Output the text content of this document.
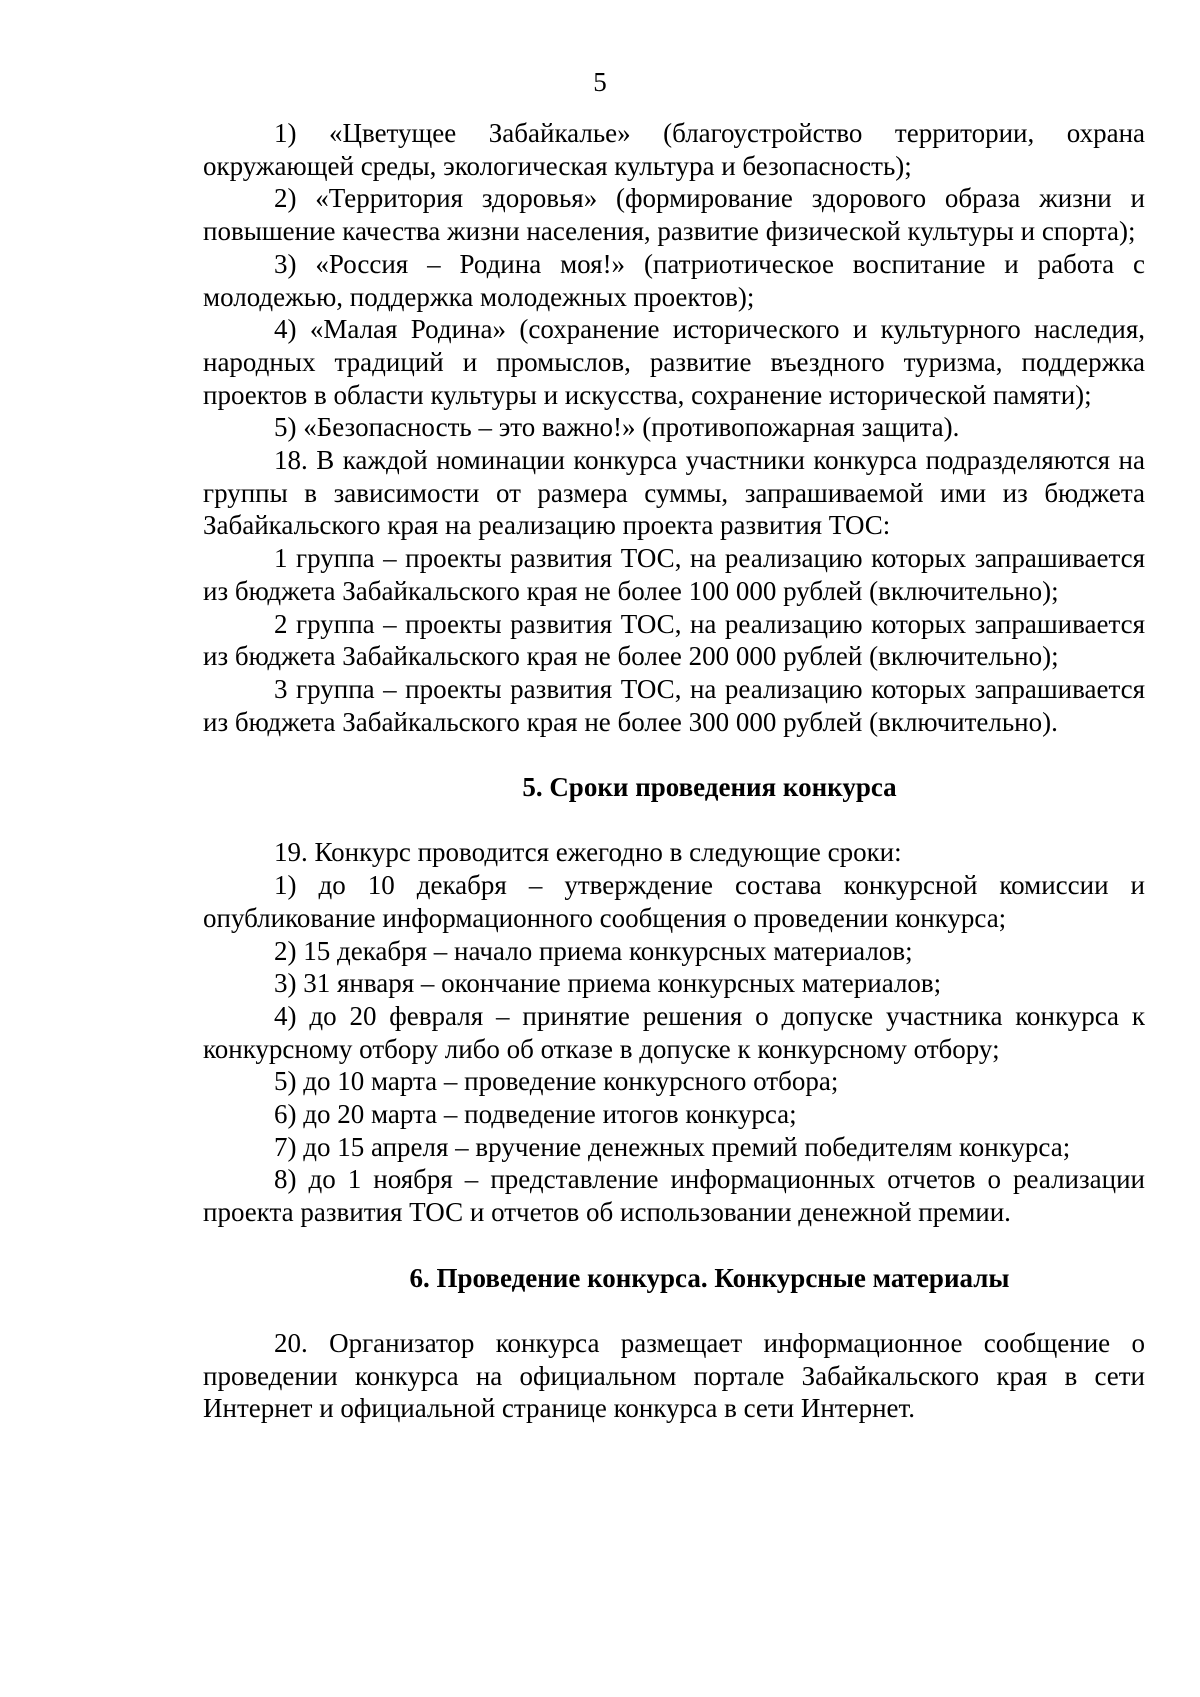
5

1) «Цветущее Забайкалье» (благоустройство территории, охрана окружающей среды, экологическая культура и безопасность);

2) «Территория здоровья» (формирование здорового образа жизни и повышение качества жизни населения, развитие физической культуры и спорта);

3) «Россия – Родина моя!» (патриотическое воспитание и работа с молодежью, поддержка молодежных проектов);

4) «Малая Родина» (сохранение исторического и культурного наследия, народных традиций и промыслов, развитие въездного туризма, поддержка проектов в области культуры и искусства, сохранение исторической памяти);

5) «Безопасность – это важно!» (противопожарная защита).

18. В каждой номинации конкурса участники конкурса подразделяются на группы в зависимости от размера суммы, запрашиваемой ими из бюджета Забайкальского края на реализацию проекта развития ТОС:

1 группа – проекты развития ТОС, на реализацию которых запрашивается из бюджета Забайкальского края не более 100 000 рублей (включительно);

2 группа – проекты развития ТОС, на реализацию которых запрашивается из бюджета Забайкальского края не более 200 000 рублей (включительно);

3 группа – проекты развития ТОС, на реализацию которых запрашивается из бюджета Забайкальского края не более 300 000 рублей (включительно).

5. Сроки проведения конкурса

19. Конкурс проводится ежегодно в следующие сроки:

1) до 10 декабря – утверждение состава конкурсной комиссии и опубликование информационного сообщения о проведении конкурса;

2) 15 декабря – начало приема конкурсных материалов;

3) 31 января – окончание приема конкурсных материалов;

4) до 20 февраля – принятие решения о допуске участника конкурса к конкурсному отбору либо об отказе в допуске к конкурсному отбору;

5) до 10 марта – проведение конкурсного отбора;

6) до 20 марта – подведение итогов конкурса;

7) до 15 апреля – вручение денежных премий победителям конкурса;

8) до 1 ноября – представление информационных отчетов о реализации проекта развития ТОС и отчетов об использовании денежной премии.

6. Проведение конкурса. Конкурсные материалы

20. Организатор конкурса размещает информационное сообщение о проведении конкурса на официальном портале Забайкальского края в сети Интернет и официальной странице конкурса в сети Интернет.
